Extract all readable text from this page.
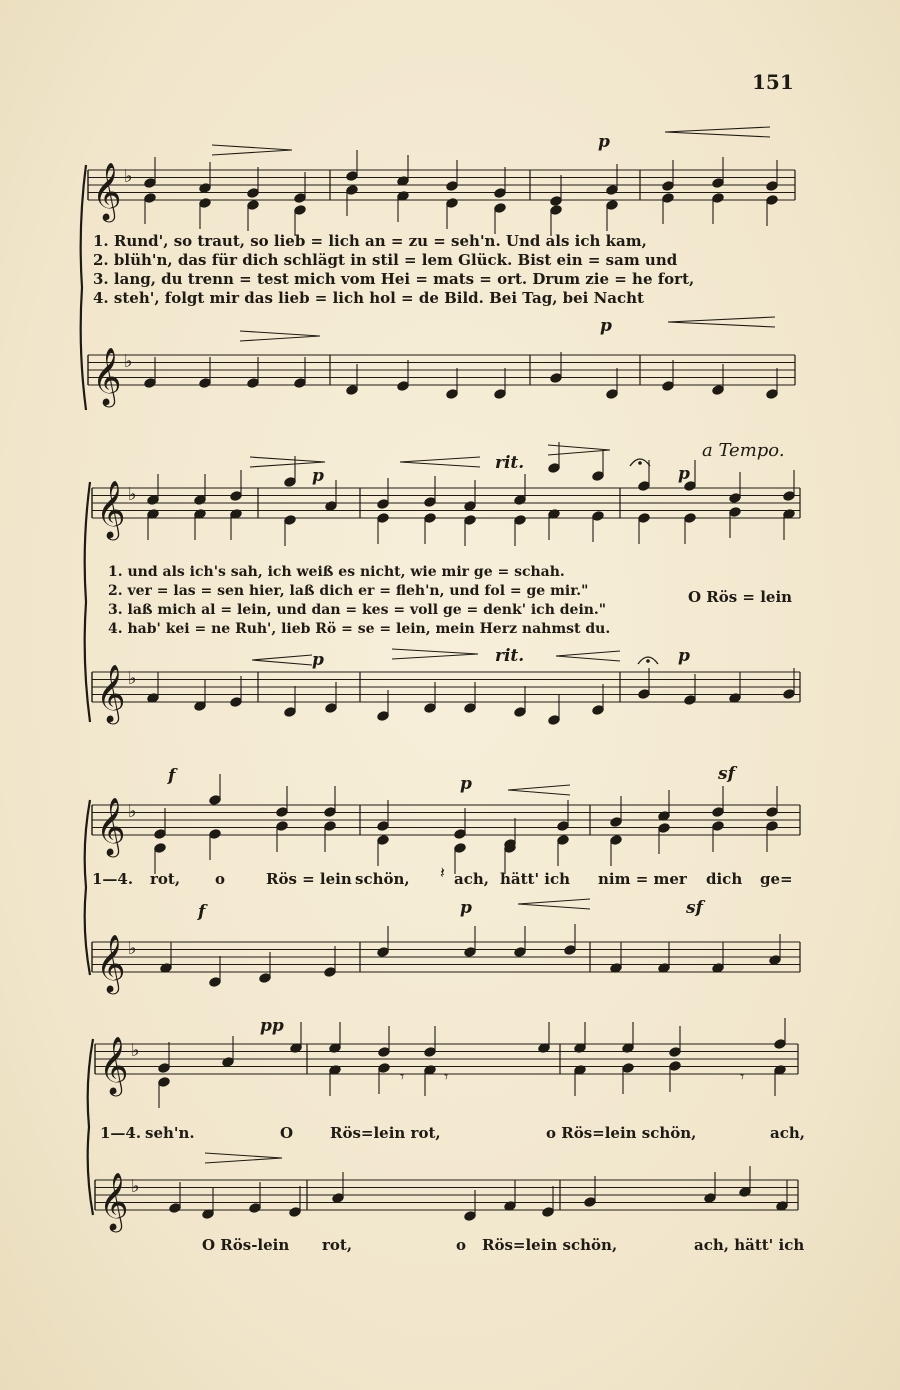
151
𝄞 ♭
𝄞 ♭
𝄞 ♭
𝄞 ♭
𝄞 ♭
𝄞 ♭
𝄽
𝄞 ♭
𝄞 ♭
𝄾 𝄾	𝄾
p
p
p
rit.
a Tempo.
p
p	rit.	p
f	p	sf
f	p	sf
pp
1. Rund', so traut, so lieb = lich an = zu = seh'n. Und als ich kam,
2. blüh'n, das für dich schlägt in stil = lem Glück. Bist ein = sam und
3. lang, du trenn = test mich vom Hei = mats = ort. Drum zie = he fort,
4. steh', folgt mir das lieb = lich hol = de Bild. Bei Tag, bei Nacht
1. und als ich's sah, ich weiß es nicht, wie mir ge = schah.
2. ver = las = sen hier, laß dich er = fleh'n, und fol = ge mir."
3. laß mich al = lein, und dan = kes = voll ge = denk' ich dein."
4. hab' kei = ne Ruh', lieb Rö = se = lein, mein Herz nahmst du.
O Rös = lein
1—4. rot, o	Rös = lein schön,	ach, hätt' ich nim = mer dich ge=
1—4. seh'n.	O Rös=lein rot,	o Rös=lein schön,	ach,
O Rös-lein rot,	o Rös=lein schön,	ach, hätt' ich
